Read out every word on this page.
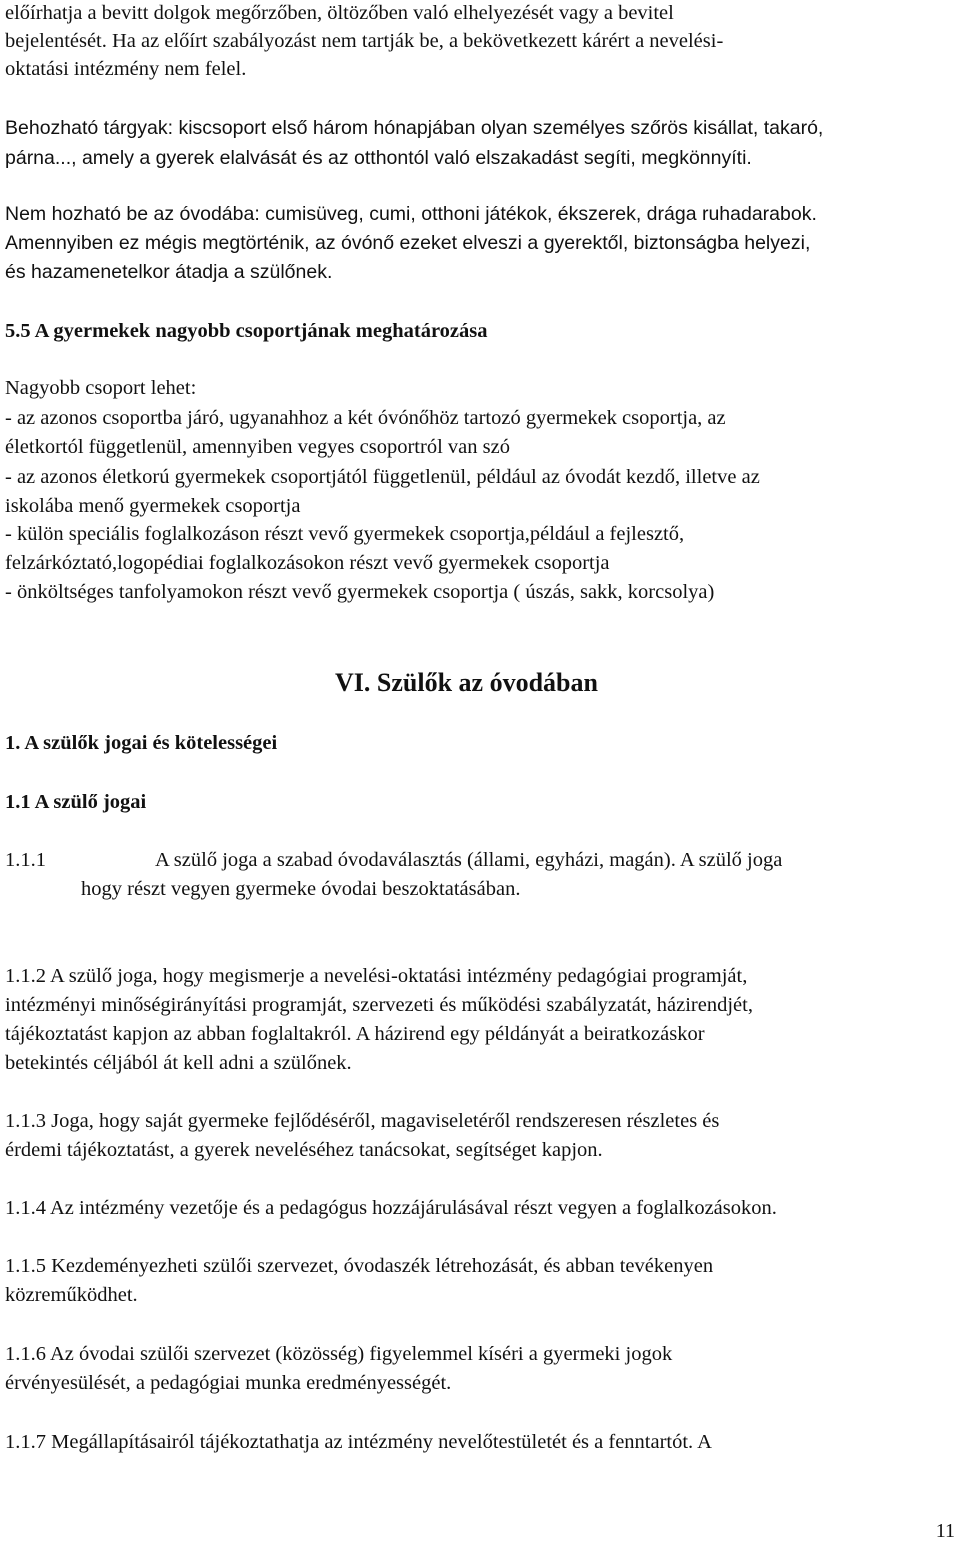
előírhatja a bevitt dolgok megőrzőben, öltözőben való elhelyezését vagy a bevitel
bejelentését. Ha az előírt szabályozást nem tartják be, a bekövetkezett kárért a nevelési-
oktatási intézmény nem felel.
Behozható tárgyak: kiscsoport első három hónapjában olyan személyes szőrös kisállat, takaró,
párna..., amely a gyerek elalvását és az otthontól való elszakadást segíti, megkönnyíti.
Nem hozható be az óvodába: cumisüveg, cumi, otthoni játékok, ékszerek, drága ruhadarabok.
Amennyiben ez mégis megtörténik, az óvónő ezeket elveszi a gyerektől, biztonságba helyezi,
és hazamenetelkor átadja a szülőnek.
5.5 A gyermekek nagyobb csoportjának meghatározása
Nagyobb csoport lehet:
- az azonos csoportba járó, ugyanahhoz a két óvónőhöz tartozó gyermekek csoportja, az
életkortól függetlenül, amennyiben vegyes csoportról van szó
- az azonos életkorú gyermekek csoportjától függetlenül, például az óvodát kezdő, illetve az
iskolába menő gyermekek csoportja
- külön speciális foglalkozáson részt vevő gyermekek csoportja,például a fejlesztő,
felzárkóztató,logopédiai foglalkozásokon részt vevő gyermekek csoportja
- önköltséges tanfolyamokon részt vevő gyermekek csoportja ( úszás, sakk, korcsolya)
VI. Szülők az óvodában
1. A szülők jogai és kötelességei
1.1 A szülő jogai
1.1.1	A szülő joga a szabad óvodaválasztás (állami, egyházi, magán). A szülő joga
hogy részt vegyen gyermeke óvodai beszoktatásában.
1.1.2 A szülő joga, hogy megismerje a nevelési-oktatási intézmény pedagógiai programját,
intézményi minőségirányítási programját, szervezeti és működési szabályzatát, házirendjét,
tájékoztatást kapjon az abban foglaltakról. A házirend egy példányát a beiratkozáskor
betekintés céljából át kell adni a szülőnek.
1.1.3 Joga, hogy saját gyermeke fejlődéséről, magaviseletéről rendszeresen részletes és
érdemi tájékoztatást, a gyerek neveléséhez tanácsokat, segítséget kapjon.
1.1.4 Az intézmény vezetője és a pedagógus hozzájárulásával részt vegyen a foglalkozásokon.
1.1.5 Kezdeményezheti szülői szervezet, óvodaszék létrehozását, és abban tevékenyen
közreműködhet.
1.1.6 Az óvodai szülői szervezet (közösség) figyelemmel kíséri a gyermeki jogok
érvényesülését, a pedagógiai munka eredményességét.
1.1.7 Megállapításairól tájékoztathatja az intézmény nevelőtestületét és a fenntartót. A
11
